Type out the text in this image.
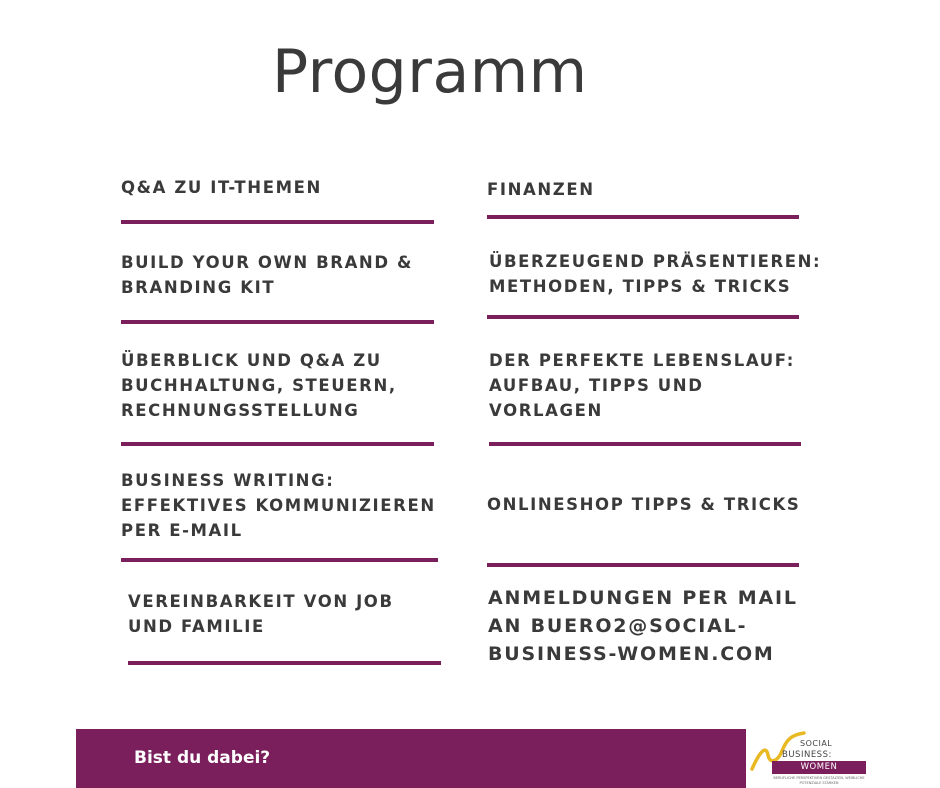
Programm
Q&A ZU IT-THEMEN
BUILD YOUR OWN BRAND &
BRANDING KIT
ÜBERBLICK UND Q&A ZU
BUCHHALTUNG, STEUERN,
RECHNUNGSSTELLUNG
BUSINESS WRITING:
EFFEKTIVES KOMMUNIZIEREN
PER E-MAIL
VEREINBARKEIT VON JOB
UND FAMILIE
FINANZEN
ÜBERZEUGEND PRÄSENTIEREN:
METHODEN, TIPPS & TRICKS
DER PERFEKTE LEBENSLAUF:
AUFBAU, TIPPS UND
VORLAGEN
ONLINESHOP TIPPS & TRICKS
ANMELDUNGEN PER MAIL
AN BUERO2@SOCIAL-
BUSINESS-WOMEN.COM
Bist du dabei?
SOCIAL
BUSINESS:
WOMEN
BERUFLICHE PERSPEKTIVEN GESTALTEN, WEIBLICHE POTENZIALE STÄRKEN
